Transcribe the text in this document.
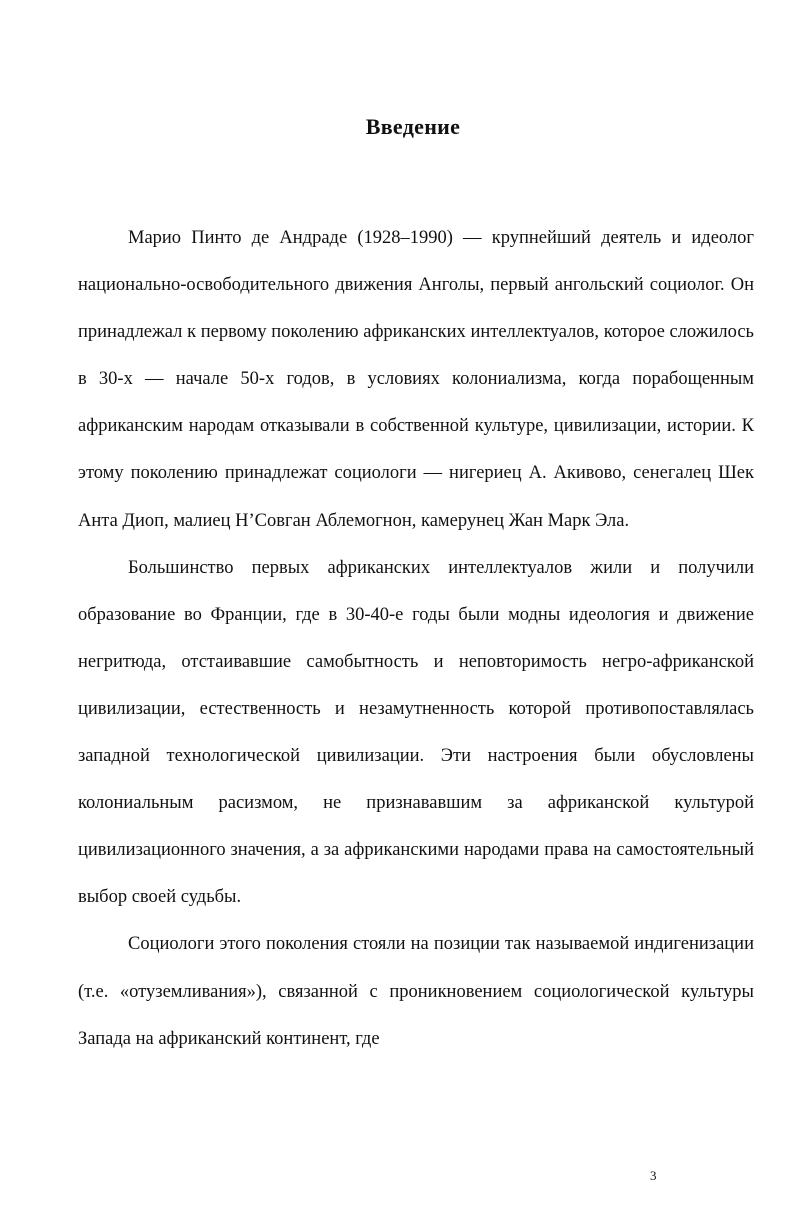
Введение

Марио Пинто де Андраде (1928–1990) — крупнейший деятель и идеолог национально-освободительного движения Анголы, первый ангольский социолог. Он принадлежал к первому поколению африканских интеллектуалов, которое сложилось в 30-х — начале 50-х годов, в условиях колониализма, когда порабощенным африканским народам отказывали в собственной культуре, цивилизации, истории. К этому поколению принадлежат социологи — нигериец А. Акивово, сенегалец Шек Анта Диоп, малиец Н’Совган Аблемогнон, камерунец Жан Марк Эла.

Большинство первых африканских интеллектуалов жили и получили образование во Франции, где в 30-40-е годы были модны идеология и движение негритюда, отстаивавшие самобытность и неповторимость негро-африканской цивилизации, естественность и незамутненность которой противопоставлялась западной технологической цивилизации. Эти настроения были обусловлены колониальным расизмом, не признававшим за африканской культурой цивилизационного значения, а за африканскими народами права на самостоятельный выбор своей судьбы.

Социологи этого поколения стояли на позиции так называемой индигенизации (т.е. «отуземливания»), связанной с проникновением социологической культуры Запада на африканский континент, где

3
